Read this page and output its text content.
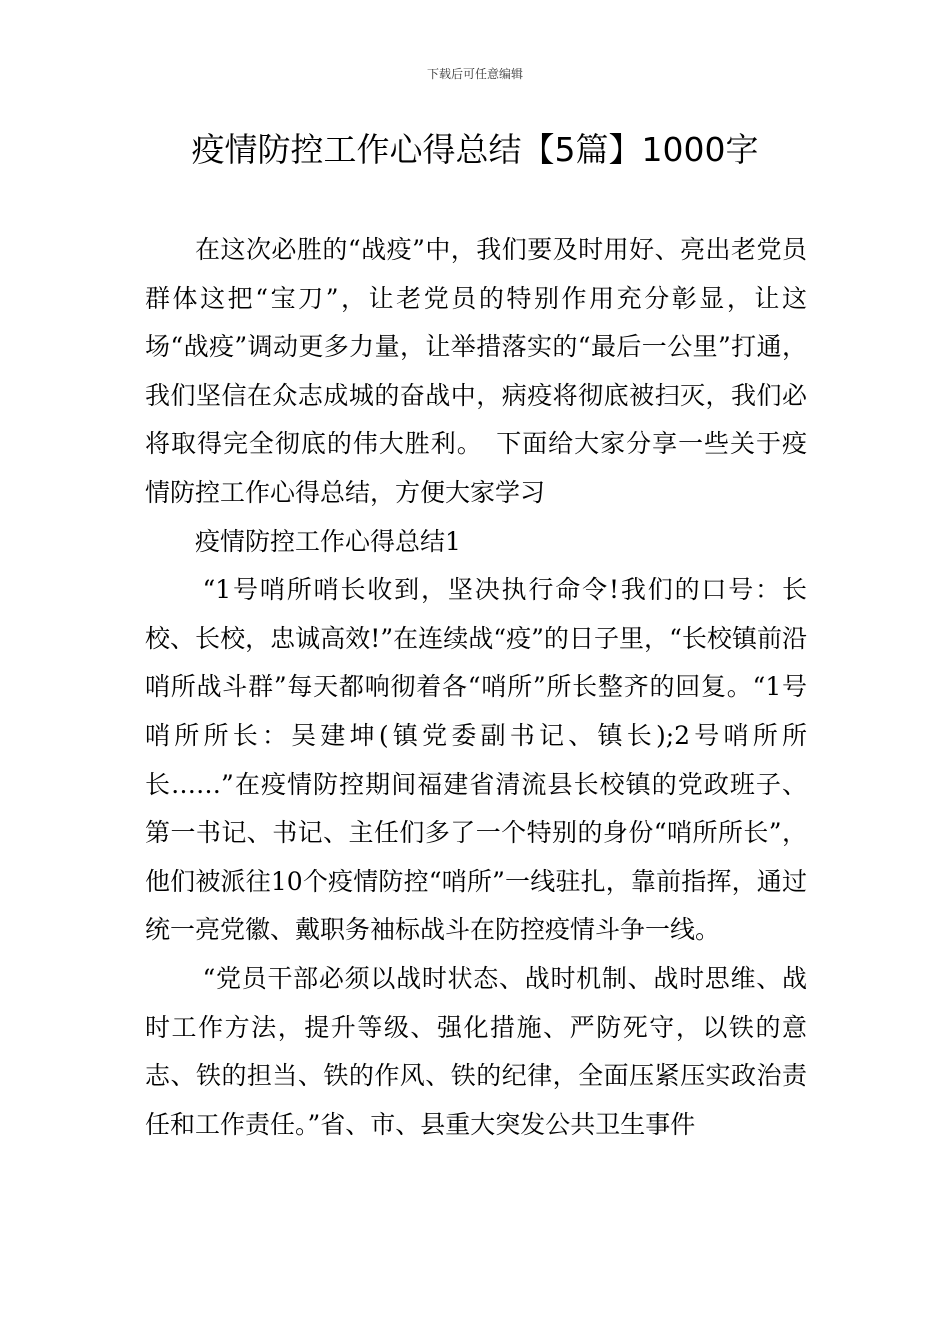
下载后可任意编辑
疫情防控工作心得总结【5篇】1000字

在这次必胜的“战疫”中，我们要及时用好、亮出老党员群体这把“宝刀”，让老党员的特别作用充分彰显，让这场“战疫”调动更多力量，让举措落实的“最后一公里”打通，我们坚信在众志成城的奋战中，病疫将彻底被扫灭，我们必将取得完全彻底的伟大胜利。　下面给大家分享一些关于疫情防控工作心得总结，方便大家学习

疫情防控工作心得总结1

“1号哨所哨长收到，坚决执行命令!我们的口号：长校、长校，忠诚高效!”在连续战“疫”的日子里，“长校镇前沿哨所战斗群”每天都响彻着各“哨所”所长整齐的回复。“1号哨所所长：吴建坤(镇党委副书记、镇长);2号哨所所长……”在疫情防控期间福建省清流县长校镇的党政班子、第一书记、书记、主任们多了一个特别的身份“哨所所长”，他们被派往10个疫情防控“哨所”一线驻扎，靠前指挥，通过统一亮党徽、戴职务袖标战斗在防控疫情斗争一线。

“党员干部必须以战时状态、战时机制、战时思维、战时工作方法，提升等级、强化措施、严防死守，以铁的意志、铁的担当、铁的作风、铁的纪律，全面压紧压实政治责任和工作责任。”省、市、县重大突发公共卫生事件
